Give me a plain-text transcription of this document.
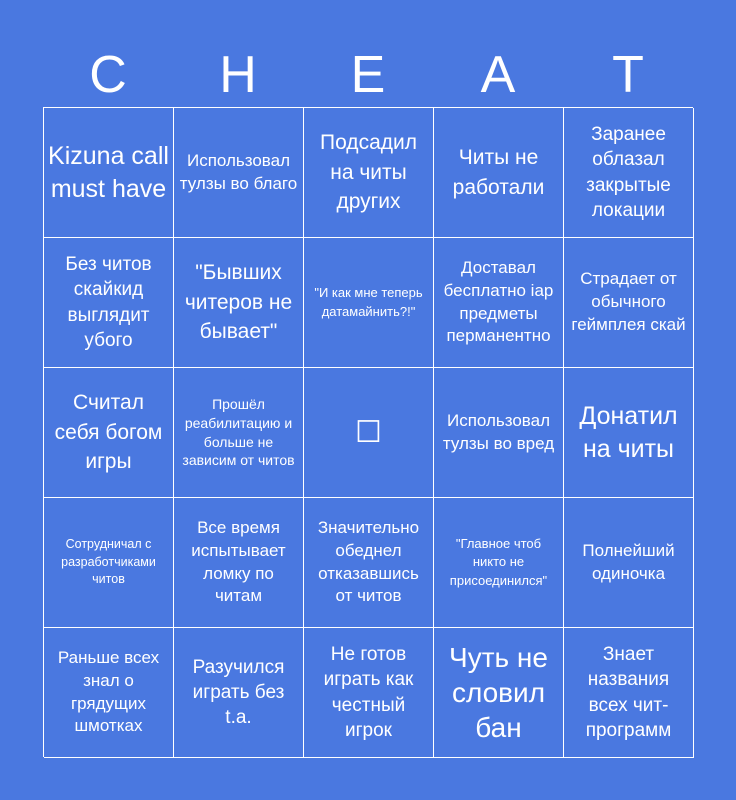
C	H	E	A	T
Kizuna call must have
Использовал тулзы во благо
Подсадил на читы других
Читы не работали
Заранее облазал закрытые локации
Без читов скайкид выглядит убого
"Бывших читеров не бывает"
"И как мне теперь датамайнить?!"
Доставал бесплатно iap предметы перманентно
Страдает от обычного геймплея скай
Считал себя богом игры
Прошёл реабилитацию и больше не зависим от читов
☐	Использовал тулзы во вред
Донатил на читы
Сотрудничал с разработчиками читов
Все время испытывает ломку по читам
Значительно обеднел отказавшись от читов
"Главное чтоб никто не присоединился"
Полнейший одиночка
Раньше всех знал о грядущих шмотках
Разучился играть без t.a.
Не готов играть как честный игрок
Чуть не словил бан
Знает названия всех чит-программ
